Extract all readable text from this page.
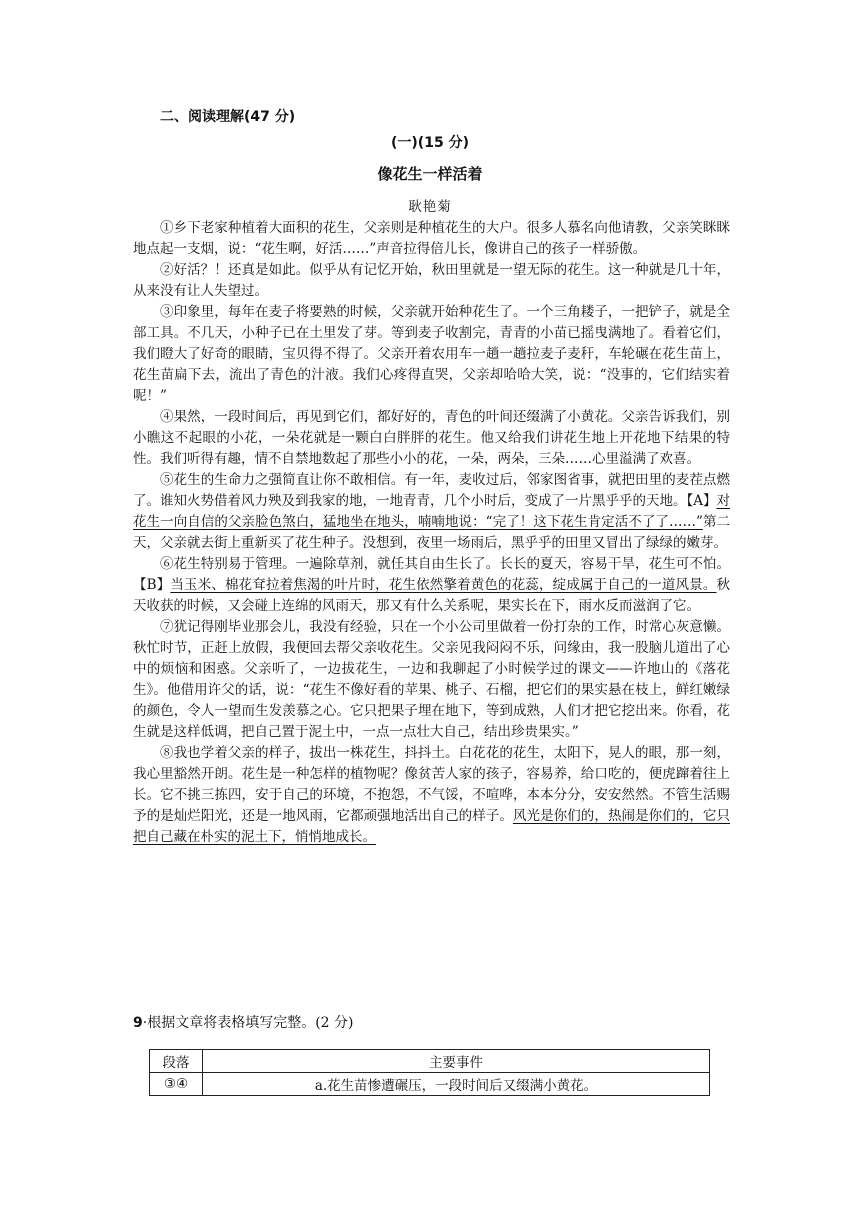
二、阅读理解(47 分)
(一)(15 分)
像花生一样活着
耿艳菊

①乡下老家种植着大面积的花生，父亲则是种植花生的大户。很多人慕名向他请教，父亲笑眯眯地点起一支烟，说：“花生啊，好活……”声音拉得倍儿长，像讲自己的孩子一样骄傲。

②好活？！还真是如此。似乎从有记忆开始，秋田里就是一望无际的花生。这一种就是几十年，从来没有让人失望过。

③印象里，每年在麦子将要熟的时候，父亲就开始种花生了。一个三角耧子，一把铲子，就是全部工具。不几天，小种子已在土里发了芽。等到麦子收割完，青青的小苗已摇曳满地了。看着它们，我们瞪大了好奇的眼睛，宝贝得不得了。父亲开着农用车一趟一趟拉麦子麦秆，车轮碾在花生苗上，花生苗扁下去，流出了青色的汁液。我们心疼得直哭，父亲却哈哈大笑，说：“没事的，它们结实着呢！”

④果然，一段时间后，再见到它们，都好好的，青色的叶间还缀满了小黄花。父亲告诉我们，别小瞧这不起眼的小花，一朵花就是一颗白白胖胖的花生。他又给我们讲花生地上开花地下结果的特性。我们听得有趣，情不自禁地数起了那些小小的花，一朵，两朵，三朵……心里溢满了欢喜。

⑤花生的生命力之强简直让你不敢相信。有一年，麦收过后，邻家图省事，就把田里的麦茬点燃了。谁知火势借着风力殃及到我家的地，一地青青，几个小时后，变成了一片黑乎乎的天地。【A】对花生一向自信的父亲脸色煞白，猛地坐在地头，喃喃地说：“完了！这下花生肯定活不了了……”第二天，父亲就去街上重新买了花生种子。没想到，夜里一场雨后，黑乎乎的田里又冒出了绿绿的嫩芽。

⑥花生特别易于管理。一遍除草剂，就任其自由生长了。长长的夏天，容易干旱，花生可不怕。【B】当玉米、棉花耷拉着焦渴的叶片时，花生依然擎着黄色的花蕊，绽成属于自己的一道风景。秋天收获的时候，又会碰上连绵的风雨天，那又有什么关系呢，果实长在下，雨水反而滋润了它。

⑦犹记得刚毕业那会儿，我没有经验，只在一个小公司里做着一份打杂的工作，时常心灰意懒。秋忙时节，正赶上放假，我便回去帮父亲收花生。父亲见我闷闷不乐，问缘由，我一股脑儿道出了心中的烦恼和困惑。父亲听了，一边拔花生，一边和我聊起了小时候学过的课文——许地山的《落花生》。他借用许父的话，说：“花生不像好看的苹果、桃子、石榴，把它们的果实悬在枝上，鲜红嫩绿的颜色，令人一望而生发羡慕之心。它只把果子埋在地下，等到成熟，人们才把它挖出来。你看，花生就是这样低调，把自己置于泥土中，一点一点壮大自己，结出珍贵果实。”

⑧我也学着父亲的样子，拔出一株花生，抖抖土。白花花的花生，太阳下，晃人的眼，那一刻，我心里豁然开朗。花生是一种怎样的植物呢？像贫苦人家的孩子，容易养，给口吃的，便虎蹿着往上长。它不挑三拣四，安于自己的环境，不抱怨，不气馁，不喧哗，本本分分，安安然然。不管生活赐予的是灿烂阳光，还是一地风雨，它都顽强地活出自己的样子。风光是你们的，热闹是你们的，它只把自己藏在朴实的泥土下，悄悄地成长。

9·根据文章将表格填写完整。(2 分)
段落	主要事件
③④	a.花生苗惨遭碾压，一段时间后又缀满小黄花。
